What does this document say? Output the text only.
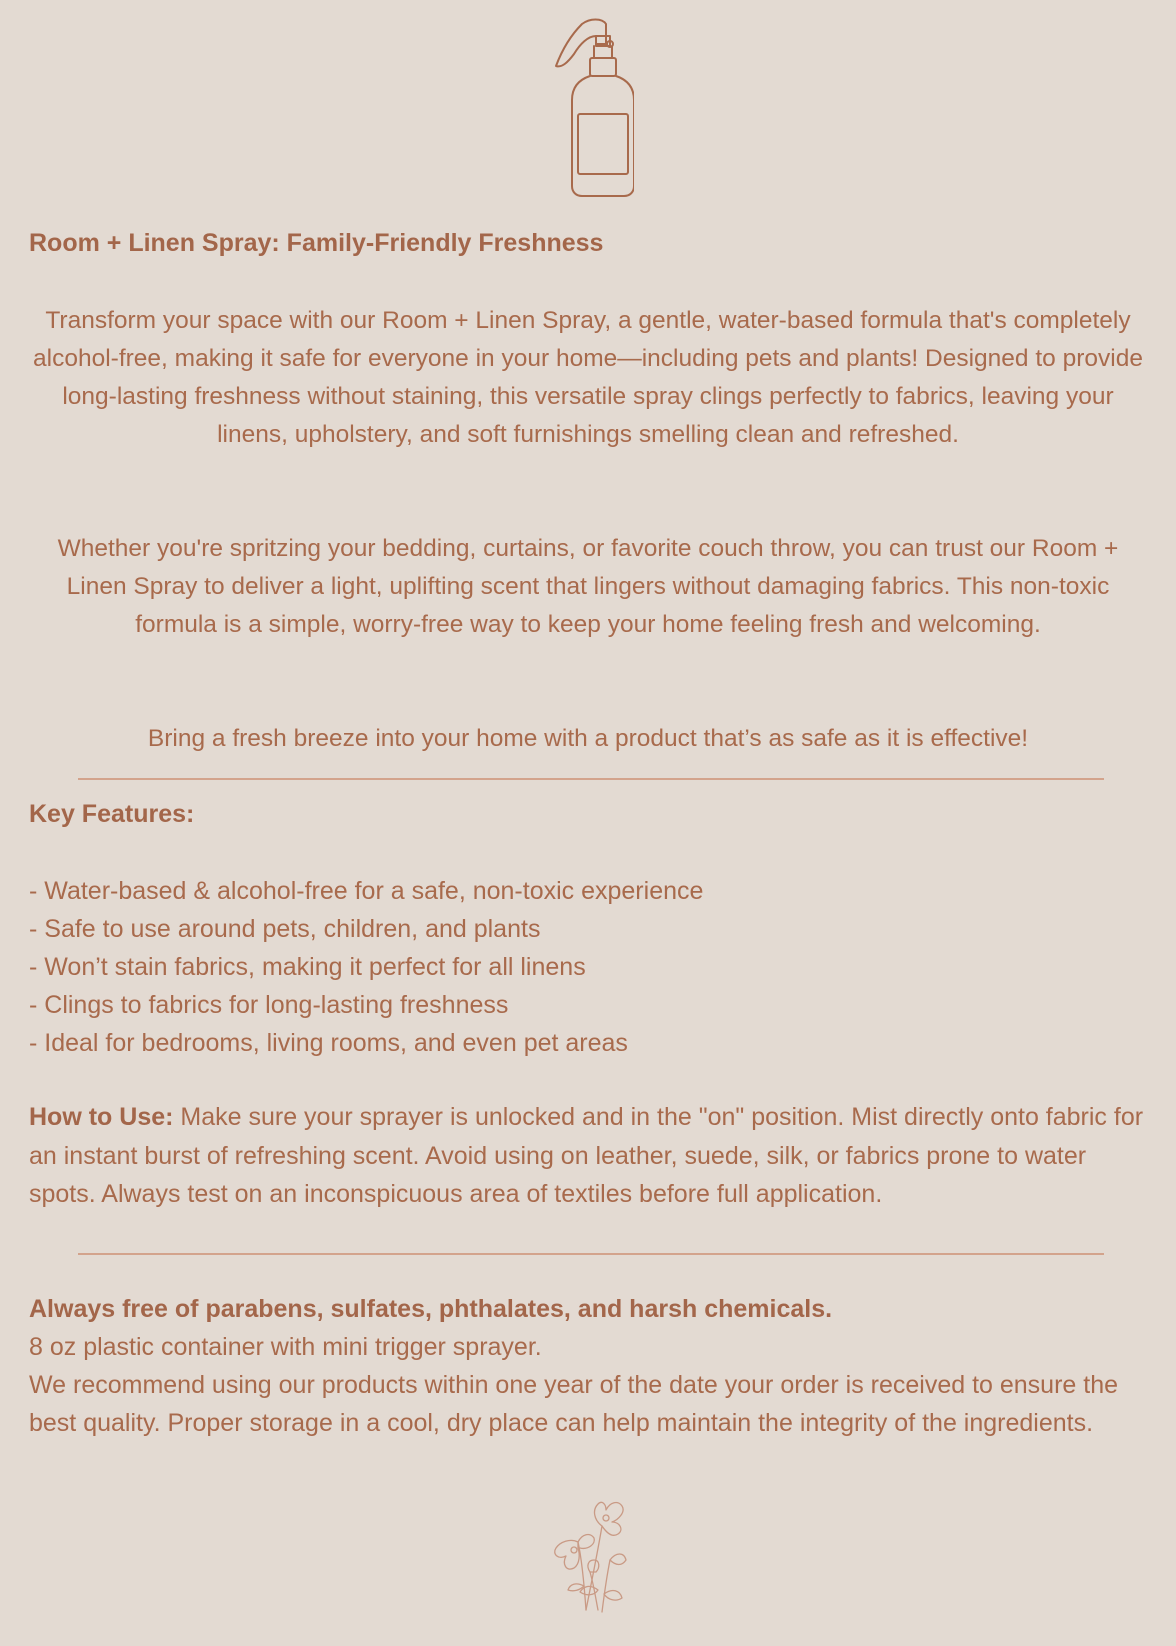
Room + Linen Spray: Family-Friendly Freshness

Transform your space with our Room + Linen Spray, a gentle, water-based formula that's completely alcohol-free, making it safe for everyone in your home—including pets and plants! Designed to provide long-lasting freshness without staining, this versatile spray clings perfectly to fabrics, leaving your linens, upholstery, and soft furnishings smelling clean and refreshed.

Whether you're spritzing your bedding, curtains, or favorite couch throw, you can trust our Room + Linen Spray to deliver a light, uplifting scent that lingers without damaging fabrics. This non-toxic formula is a simple, worry-free way to keep your home feeling fresh and welcoming.

Bring a fresh breeze into your home with a product that’s as safe as it is effective!

Key Features:
- Water-based & alcohol-free for a safe, non-toxic experience
- Safe to use around pets, children, and plants
- Won’t stain fabrics, making it perfect for all linens
- Clings to fabrics for long-lasting freshness
- Ideal for bedrooms, living rooms, and even pet areas

How to Use: Make sure your sprayer is unlocked and in the "on" position. Mist directly onto fabric for an instant burst of refreshing scent. Avoid using on leather, suede, silk, or fabrics prone to water spots. Always test on an inconspicuous area of textiles before full application.

Always free of parabens, sulfates, phthalates, and harsh chemicals.
8 oz plastic container with mini trigger sprayer.
We recommend using our products within one year of the date your order is received to ensure the best quality. Proper storage in a cool, dry place can help maintain the integrity of the ingredients.
